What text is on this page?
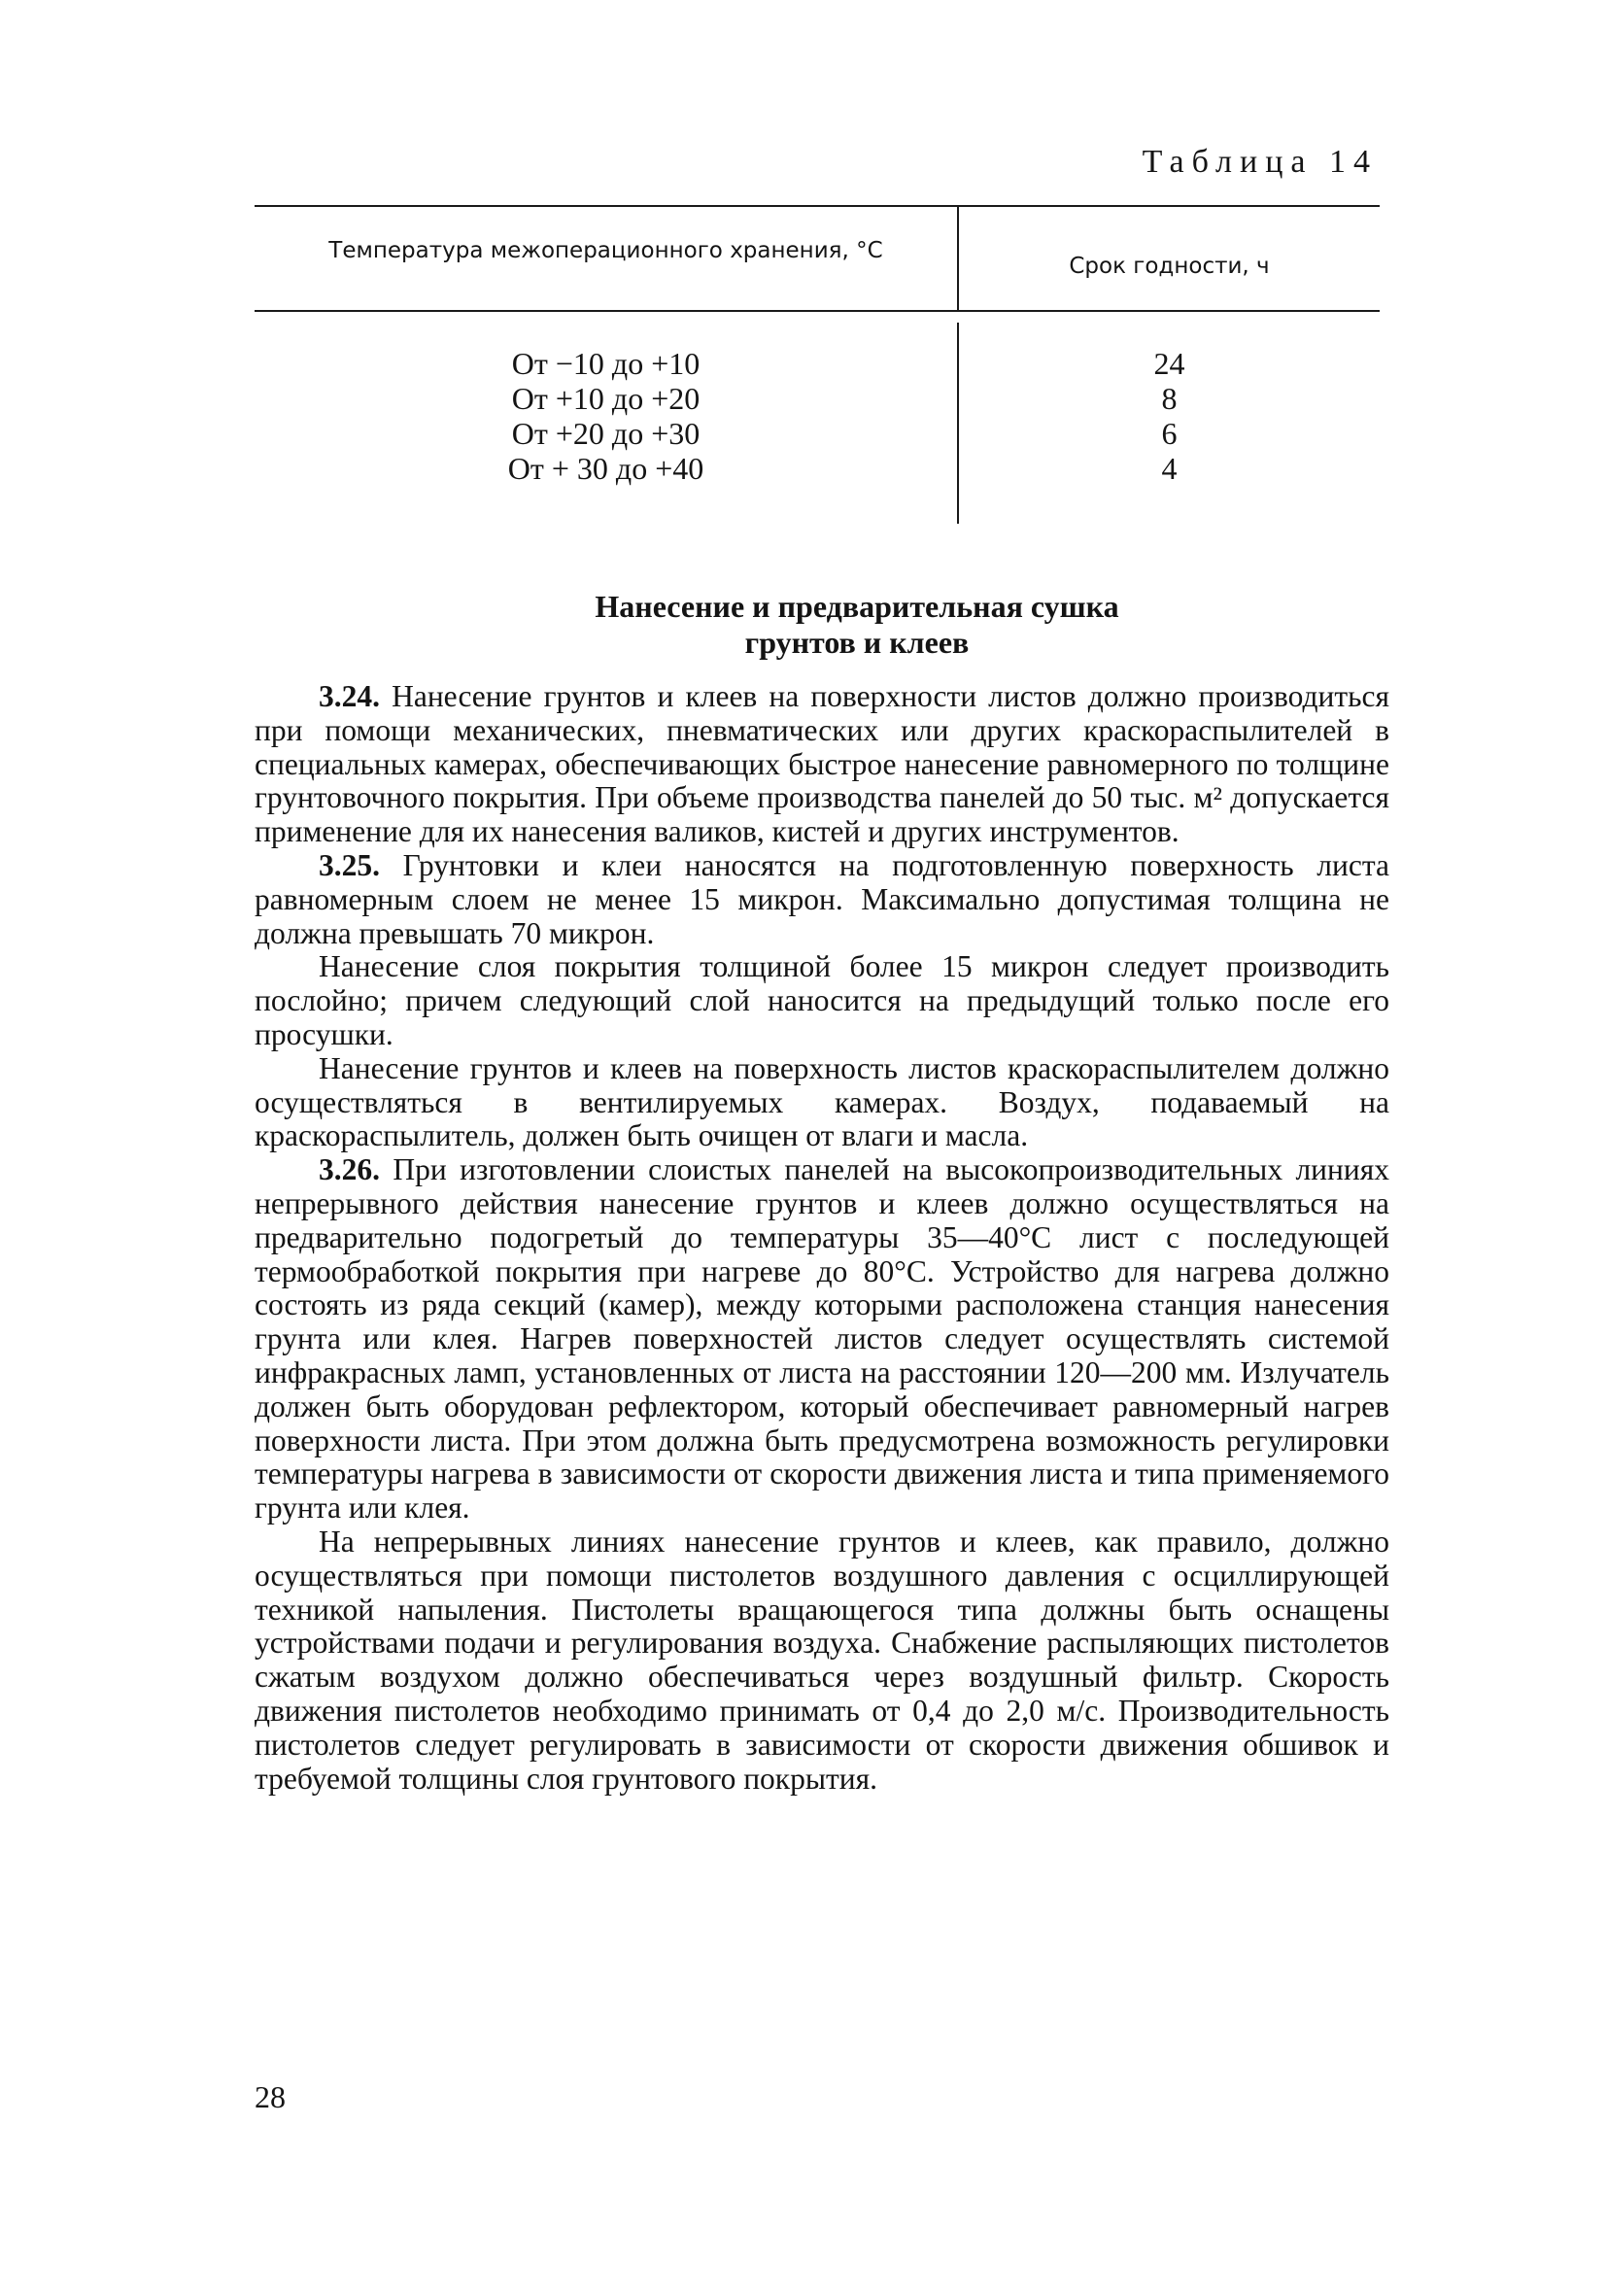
Таблица 14
Температура межоперационного хранения, °С
Срок годности, ч
От −10 до +10
От +10 до +20
От +20 до +30
От + 30 до +40
24
8
6
4
Нанесение и предварительная сушка
грунтов и клеев

3.24. Нанесение грунтов и клеев на поверхности листов должно производиться при помощи механических, пневматических или других краскораспылителей в специальных камерах, обеспечивающих быстрое нанесение равномерного по толщине грунтовочного покрытия. При объеме производства панелей до 50 тыс. м² допускается применение для их нанесения валиков, кистей и других инструментов.

3.25. Грунтовки и клеи наносятся на подготовленную поверхность листа равномерным слоем не менее 15 микрон. Максимально допустимая толщина не должна превышать 70 микрон.

Нанесение слоя покрытия толщиной более 15 микрон следует производить послойно; причем следующий слой наносится на предыдущий только после его просушки.

Нанесение грунтов и клеев на поверхность листов краскораспылителем должно осуществляться в вентилируемых камерах. Воздух, подаваемый на краскораспылитель, должен быть очищен от влаги и масла.

3.26. При изготовлении слоистых панелей на высокопроизводительных линиях непрерывного действия нанесение грунтов и клеев должно осуществляться на предварительно подогретый до температуры 35—40°С лист с последующей термообработкой покрытия при нагреве до 80°С. Устройство для нагрева должно состоять из ряда секций (камер), между которыми расположена станция нанесения грунта или клея. Нагрев поверхностей листов следует осуществлять системой инфракрасных ламп, установленных от листа на расстоянии 120—200 мм. Излучатель должен быть оборудован рефлектором, который обеспечивает равномерный нагрев поверхности листа. При этом должна быть предусмотрена возможность регулировки температуры нагрева в зависимости от скорости движения листа и типа применяемого грунта или клея.

На непрерывных линиях нанесение грунтов и клеев, как правило, должно осуществляться при помощи пистолетов воздушного давления с осциллирующей техникой напыления. Пистолеты вращающегося типа должны быть оснащены устройствами подачи и регулирования воздуха. Снабжение распыляющих пистолетов сжатым воздухом должно обеспечиваться через воздушный фильтр. Скорость движения пистолетов необходимо принимать от 0,4 до 2,0 м/с. Производительность пистолетов следует регулировать в зависимости от скорости движения обшивок и требуемой толщины слоя грунтового покрытия.

28
